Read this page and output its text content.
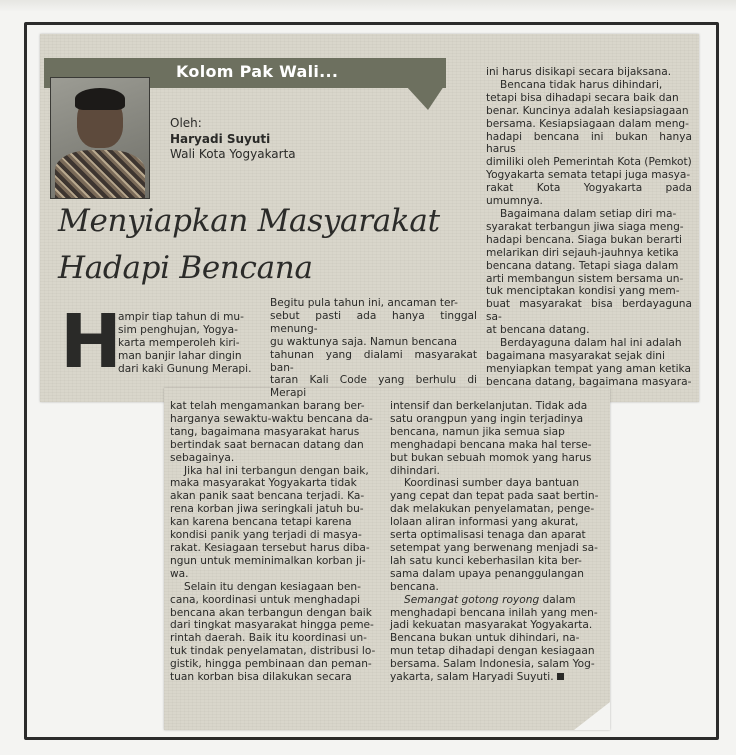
Kolom Pak Wali...
Oleh:
Haryadi Suyuti
Wali Kota Yogyakarta
Menyiapkan Masyarakat
Hadapi Bencana
H

ampir tiap tahun di mu-
sim penghujan, Yogya-
karta memperoleh kiri-
man banjir lahar dingin
dari kaki Gunung Merapi.

Begitu pula tahun ini, ancaman ter-
sebut pasti ada hanya tinggal menung-
gu waktunya saja. Namun bencana
tahunan yang dialami masyarakat ban-
taran Kali Code yang berhulu di Merapi

ini harus disikapi secara bijaksana.

Bencana tidak harus dihindari,
tetapi bisa dihadapi secara baik dan
benar. Kuncinya adalah kesiapsiagaan
bersama. Kesiapsiagaan dalam meng-
hadapi bencana ini bukan hanya harus
dimiliki oleh Pemerintah Kota (Pemkot)
Yogyakarta semata tetapi juga masya-
rakat Kota Yogyakarta pada umumnya.

Bagaimana dalam setiap diri ma-
syarakat terbangun jiwa siaga meng-
hadapi bencana. Siaga bukan berarti
melarikan diri sejauh-jauhnya ketika
bencana datang. Tetapi siaga dalam
arti membangun sistem bersama un-
tuk menciptakan kondisi yang mem-
buat masyarakat bisa berdayaguna sa-
at bencana datang.

Berdayaguna dalam hal ini adalah
bagaimana masyarakat sejak dini
menyiapkan tempat yang aman ketika
bencana datang, bagaimana masyara-

kat telah mengamankan barang ber-
harganya sewaktu-waktu bencana da-
tang, bagaimana masyarakat harus
bertindak saat bernacan datang dan
sebagainya.

Jika hal ini terbangun dengan baik,
maka masyarakat Yogyakarta tidak
akan panik saat bencana terjadi. Ka-
rena korban jiwa seringkali jatuh bu-
kan karena bencana tetapi karena
kondisi panik yang terjadi di masya-
rakat. Kesiagaan tersebut harus diba-
ngun untuk meminimalkan korban ji-
wa.

Selain itu dengan kesiagaan ben-
cana, koordinasi untuk menghadapi
bencana akan terbangun dengan baik
dari tingkat masyarakat hingga peme-
rintah daerah. Baik itu koordinasi un-
tuk tindak penyelamatan, distribusi lo-
gistik, hingga pembinaan dan peman-
tuan korban bisa dilakukan secara

intensif dan berkelanjutan. Tidak ada
satu orangpun yang ingin terjadinya
bencana, namun jika semua siap
menghadapi bencana maka hal terse-
but bukan sebuah momok yang harus
dihindari.

Koordinasi sumber daya bantuan
yang cepat dan tepat pada saat bertin-
dak melakukan penyelamatan, penge-
lolaan aliran informasi yang akurat,
serta optimalisasi tenaga dan aparat
setempat yang berwenang menjadi sa-
lah satu kunci keberhasilan kita ber-
sama dalam upaya penanggulangan
bencana.

Semangat gotong royong dalam
menghadapi bencana inilah yang men-
jadi kekuatan masyarakat Yogyakarta.
Bencana bukan untuk dihindari, na-
mun tetap dihadapi dengan kesiagaan
bersama. Salam Indonesia, salam Yog-
yakarta, salam Haryadi Suyuti.
